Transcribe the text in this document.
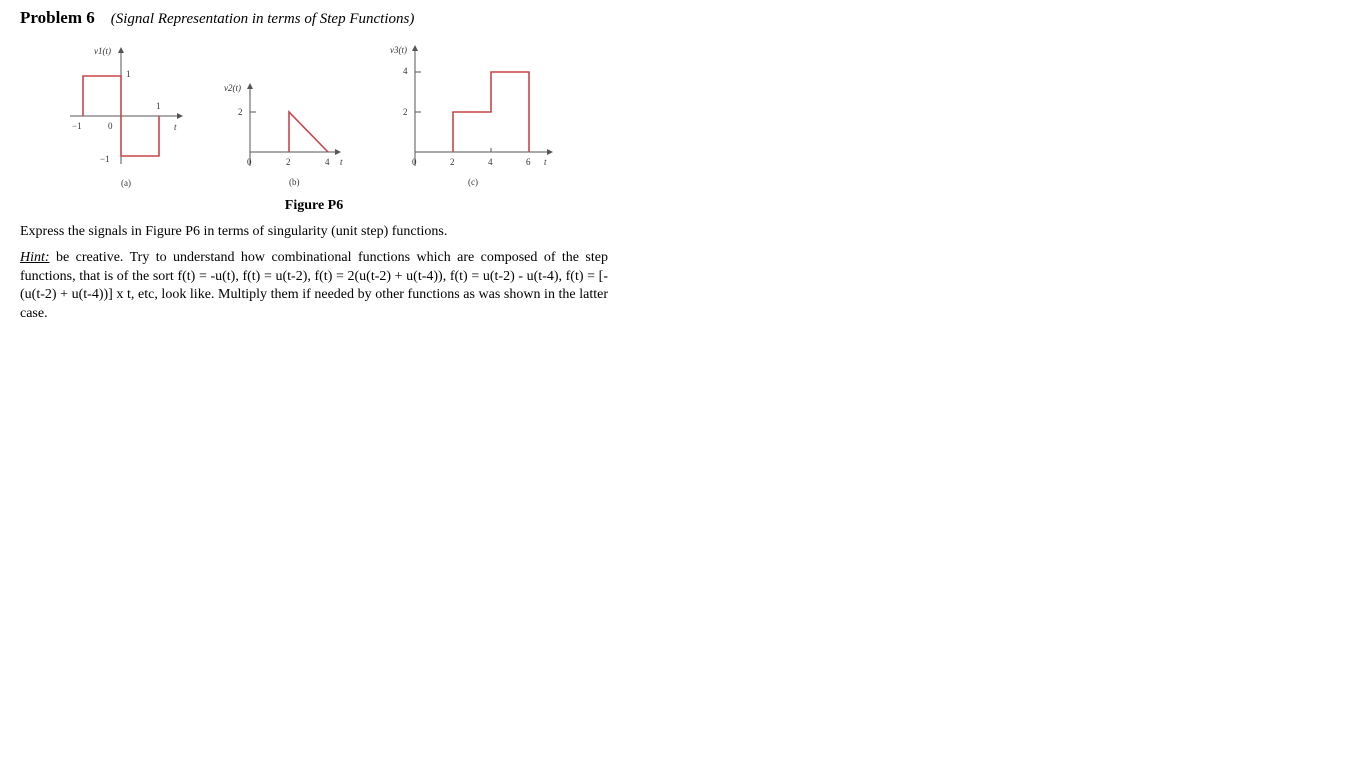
Problem 6 (Signal Representation in terms of Step Functions)
v1(t)
t
1
−1
−1	0
1
(a)
v2(t)
t
2
0	2	4
(b)
v3(t)
t
4
2
0	2	4	6
(c)
Figure P6
Express the signals in Figure P6 in terms of singularity (unit step) functions.
Hint: be creative. Try to understand how combinational functions which are composed of the step functions, that is of the sort f(t) = -u(t), f(t) = u(t-2), f(t) = 2(u(t-2) + u(t-4)), f(t) = u(t-2) - u(t-4), f(t) = [-(u(t-2) + u(t-4))] x t, etc, look like. Multiply them if needed by other functions as was shown in the latter case.
